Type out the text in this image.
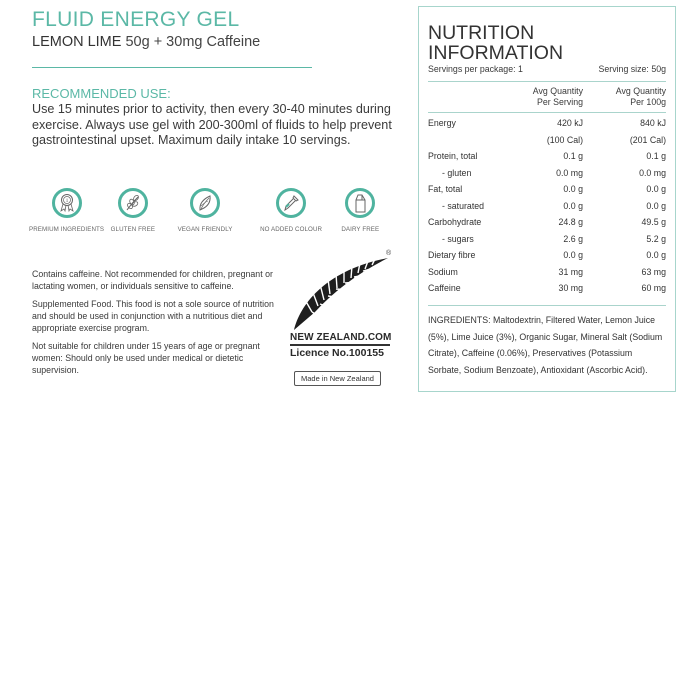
FLUID ENERGY GEL
LEMON LIME 50g + 30mg Caffeine
RECOMMENDED USE:
Use 15 minutes prior to activity, then every 30-40 minutes during exercise. Always use gel with 200-300ml of fluids to help prevent gastrointestinal upset. Maximum daily intake 10 servings.
1
PREMIUM INGREDIENTS GLUTEN FREE	VEGAN FRIENDLY	NO ADDED COLOUR	DAIRY FREE

Contains caffeine. Not recommended for children, pregnant or lactating women, or individuals sensitive to caffeine.

Supplemented Food. This food is not a sole source of nutrition and should be used in conjunction with a nutritious diet and appropriate exercise program.

Not suitable for children under 15 years of age or pregnant women: Should only be used under medical or dietetic supervision.

®
NEW ZEALAND.COM
Licence No.100155
Made in New Zealand
NUTRITION INFORMATION
Servings per package: 1	Serving size: 50g
Avg Quantity
Per Serving
Avg Quantity
Per 100g
Energy	420 kJ	840 kJ
(100 Cal)	(201 Cal)
Protein, total	0.1 g	0.1 g
- gluten	0.0 mg	0.0 mg
Fat, total	0.0 g	0.0 g
- saturated	0.0 g	0.0 g
Carbohydrate	24.8 g	49.5 g
- sugars	2.6 g	5.2 g
Dietary fibre	0.0 g	0.0 g
Sodium	31 mg	63 mg
Caffeine	30 mg	60 mg
INGREDIENTS: Maltodextrin, Filtered Water, Lemon Juice (5%), Lime Juice (3%), Organic Sugar, Mineral Salt (Sodium Citrate), Caffeine (0.06%), Preservatives (Potassium Sorbate, Sodium Benzoate), Antioxidant (Ascorbic Acid).
